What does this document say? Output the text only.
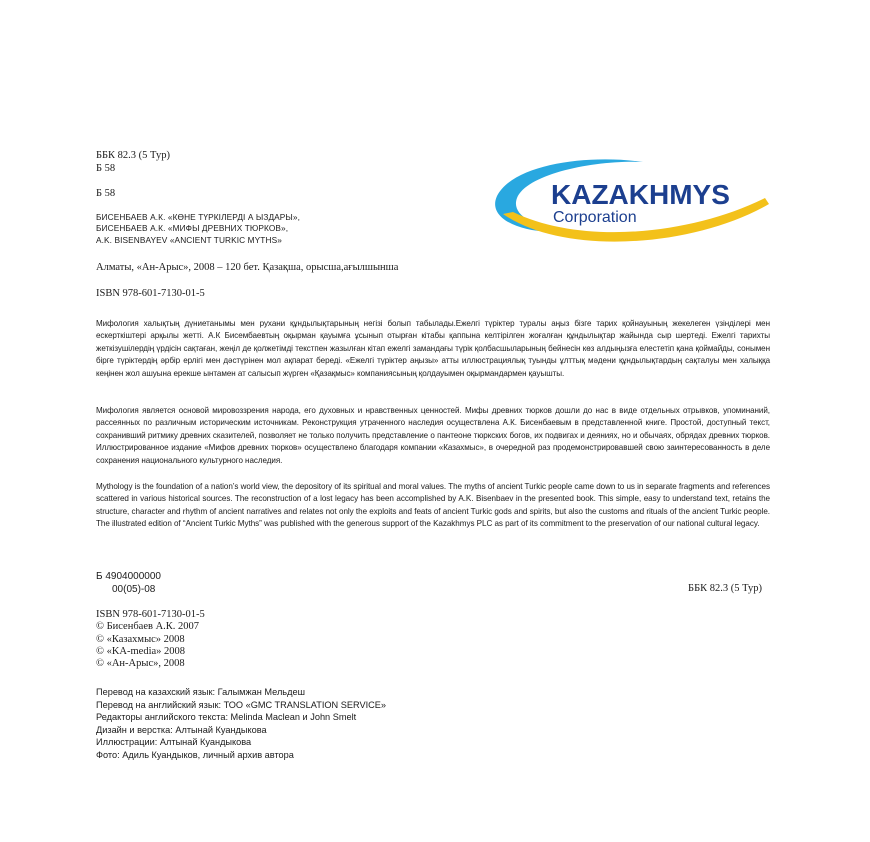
ББК 82.3 (5 Тур)
Б 58
Б 58
БИСЕНБАЕВ А.К. «КӨНЕ ТҮРКІЛЕРДІ А ЫЗДАРЫ»,
БИСЕНБАЕВ А.К. «МИФЫ ДРЕВНИХ ТЮРКОВ»,
A.K. BISENBAYEV «ANCIENT TURKIC MYTHS»
Алматы, «Ан-Арыс», 2008 – 120 бет. Қазақша, орысша,ағылшынша
ISBN 978-601-7130-01-5
KAZAKHMYS
Corporation
Мифология халықтың дүниетанымы мен рухани құндылықтарының негізі болып табылады.Ежелгі түріктер туралы аңыз бізге тарих қойнауының жекелеген үзінділері мен ескерткіштері арқылы жетті. А.К Бисембаевтың оқырман қауымға ұсынып отырған кітабы қаппына келтірілген жоғалған құндылықтар жайында сыр шертеді. Ежелгі тарихты жеткізушілердің үрдісін сақтаған, жеңіл де қолжетімді текстпен жазылған кітап ежелгі замандағы түрік қолбасшыларының бейнесін көз алдыңызға елестетіп қана қоймайды, сонымен бірге түріктердің әрбір ерлігі мен дәстүрінен мол ақпарат береді. «Ежелгі түріктер аңызы» атты иллюстрациялық туынды ұлттық мәдени құндылықтардың сақталуы мен халыққа кеңінен жол ашуына ерекше ынтамен ат салысып жүрген «Қазақмыс» компаниясының қолдауымен оқырмандармен қауышты.
Мифология является основой мировоззрения народа, его духовных и нравственных ценностей. Мифы древних тюрков дошли до нас в виде отдельных отрывков, упоминаний, рассеянных по различным историческим источникам. Реконструкция утраченного наследия осуществлена А.К. Бисенбаевым в представленной книге. Простой, доступный текст, сохранивший ритмику древних сказителей, позволяет не только получить представление о пантеоне тюркских богов, их подвигах и деяниях, но и обычаях, обрядах древних тюрков. Иллюстрированное издание «Мифов древних тюрков» осуществлено благодаря компании «Казахмыс», в очередной раз продемонстрировавшей свою заинтересованность в деле сохранения национального культурного наследия.
Mythology is the foundation of a nation’s world view, the depository of its spiritual and moral values. The myths of ancient Turkic people came down to us in separate fragments and references scattered in various historical sources. The reconstruction of a lost legacy has been accomplished by A.K. Bisenbaev in the presented book. This simple, easy to understand text, retains the structure, character and rhythm of ancient narratives and relates not only the exploits and feats of ancient Turkic gods and spirits, but also the customs and rituals of the ancient Turkic people. The illustrated edition of “Ancient Turkic Myths” was published with the generous support of the Kazakhmys PLC as part of its commitment to the preservation of our national cultural legacy.
Б 4904000000
00(05)-08	ББК 82.3 (5 Тур)
ISBN 978-601-7130-01-5
© Бисенбаев А.К. 2007
© «Казахмыс» 2008
© «KA-media» 2008
© «Ан-Арыс», 2008
Перевод на казахский язык: Галымжан Мельдеш
Перевод на английский язык: ТОО «GMC TRANSLATION SERVICE»
Редакторы английского текста: Melinda Maclean и John Smelt
Дизайн и верстка: Алтынай Куандыкова
Иллюстрации: Алтынай Куандыкова
Фото: Адиль Куандыков, личный архив автора
